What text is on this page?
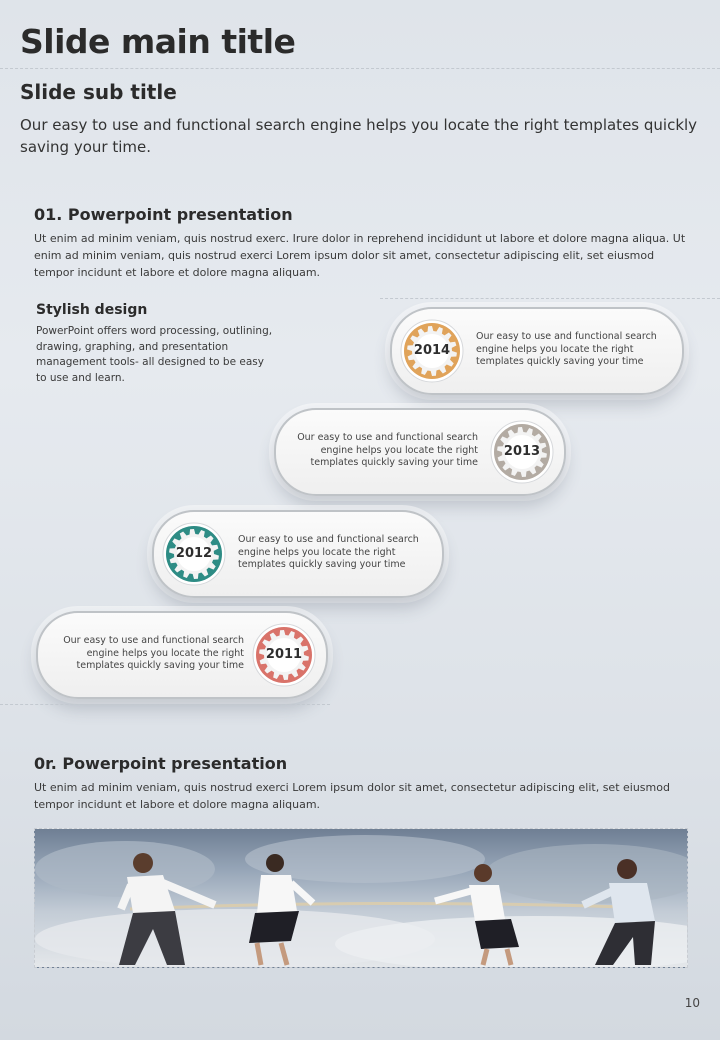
Slide main title
Slide sub title
Our easy to use and functional search engine helps you locate the right templates quickly saving your time.
01. Powerpoint presentation
Ut enim ad minim veniam, quis nostrud exerc. Irure dolor in reprehend incididunt ut labore et dolore magna aliqua. Ut enim ad minim veniam, quis nostrud exerci Lorem ipsum dolor sit amet, consectetur adipiscing elit, set eiusmod tempor incidunt et labore et dolore magna aliquam.
Stylish design
PowerPoint offers word processing, outlining, drawing, graphing, and presentation management tools- all designed to be easy to use and learn.
2014
Our easy to use and functional search engine helps you locate the right templates quickly saving your time
Our easy to use and functional search engine helps you locate the right templates quickly saving your time
2013
2012
Our easy to use and functional search engine helps you locate the right templates quickly saving your time
Our easy to use and functional search engine helps you locate the right templates quickly saving your time
2011
0r. Powerpoint presentation
Ut enim ad minim veniam, quis nostrud exerci Lorem ipsum dolor sit amet, consectetur adipiscing elit, set eiusmod tempor incidunt et labore et dolore magna aliquam.
10
